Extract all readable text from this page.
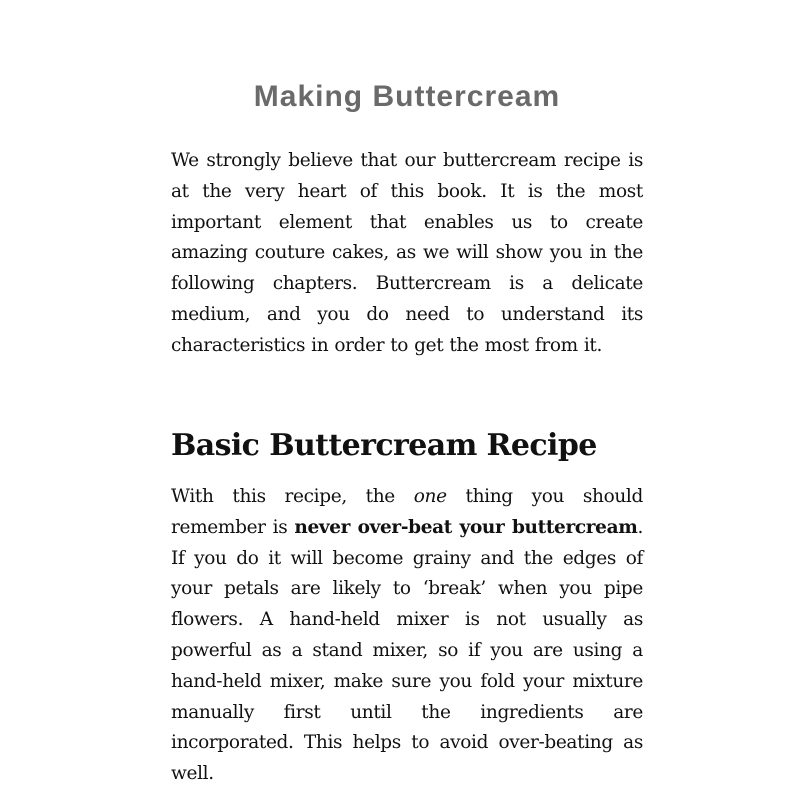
Making Buttercream

We strongly believe that our buttercream recipe is at the very heart of this book. It is the most important element that enables us to create amazing couture cakes, as we will show you in the following chapters. Buttercream is a delicate medium, and you do need to understand its characteristics in order to get the most from it.

Basic Buttercream Recipe

With this recipe, the one thing you should remember is never over-beat your buttercream. If you do it will become grainy and the edges of your petals are likely to ‘break’ when you pipe flowers. A hand-held mixer is not usually as powerful as a stand mixer, so if you are using a hand-held mixer, make sure you fold your mixture manually first until the ingredients are incorporated. This helps to avoid over-beating as well.
